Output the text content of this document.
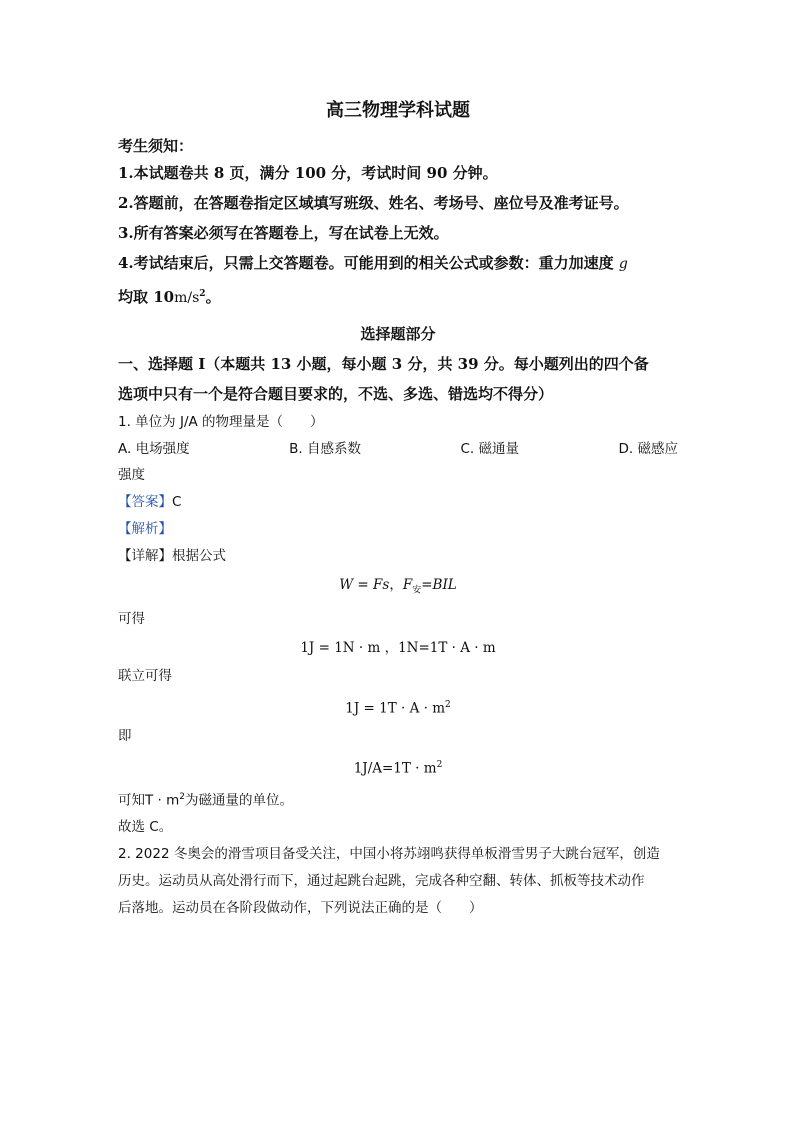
高三物理学科试题
考生须知：
1.本试题卷共 8 页，满分 100 分，考试时间 90 分钟。
2.答题前，在答题卷指定区域填写班级、姓名、考场号、座位号及准考证号。
3.所有答案必须写在答题卷上，写在试卷上无效。
4.考试结束后，只需上交答题卷。可能用到的相关公式或参数：重力加速度 g
均取 $10m/s^2$。
选择题部分
一、选择题 I（本题共 13 小题，每小题 3 分，共 39 分。每小题列出的四个备
选项中只有一个是符合题目要求的，不选、多选、错选均不得分）
1. 单位为 J/A 的物理量是（　　）
A. 电场强度	B. 自感系数	C. 磁通量	D. 磁感应
强度
【答案】C
【解析】
【详解】根据公式
W = Fs，$F_安=BIL$
可得
1J = 1N · m ，1N=1T · A · m
联立可得
$1J = 1T \cdot A \cdot m^2$
即
$1J/A=1T \cdot m^2$
可知$T \cdot m^2$为磁通量的单位。
故选 C。
2. 2022 冬奥会的滑雪项目备受关注，中国小将苏翊鸣获得单板滑雪男子大跳台冠军，创造
历史。运动员从高处滑行而下，通过起跳台起跳，完成各种空翻、转体、抓板等技术动作
后落地。运动员在各阶段做动作，下列说法正确的是（　　）
